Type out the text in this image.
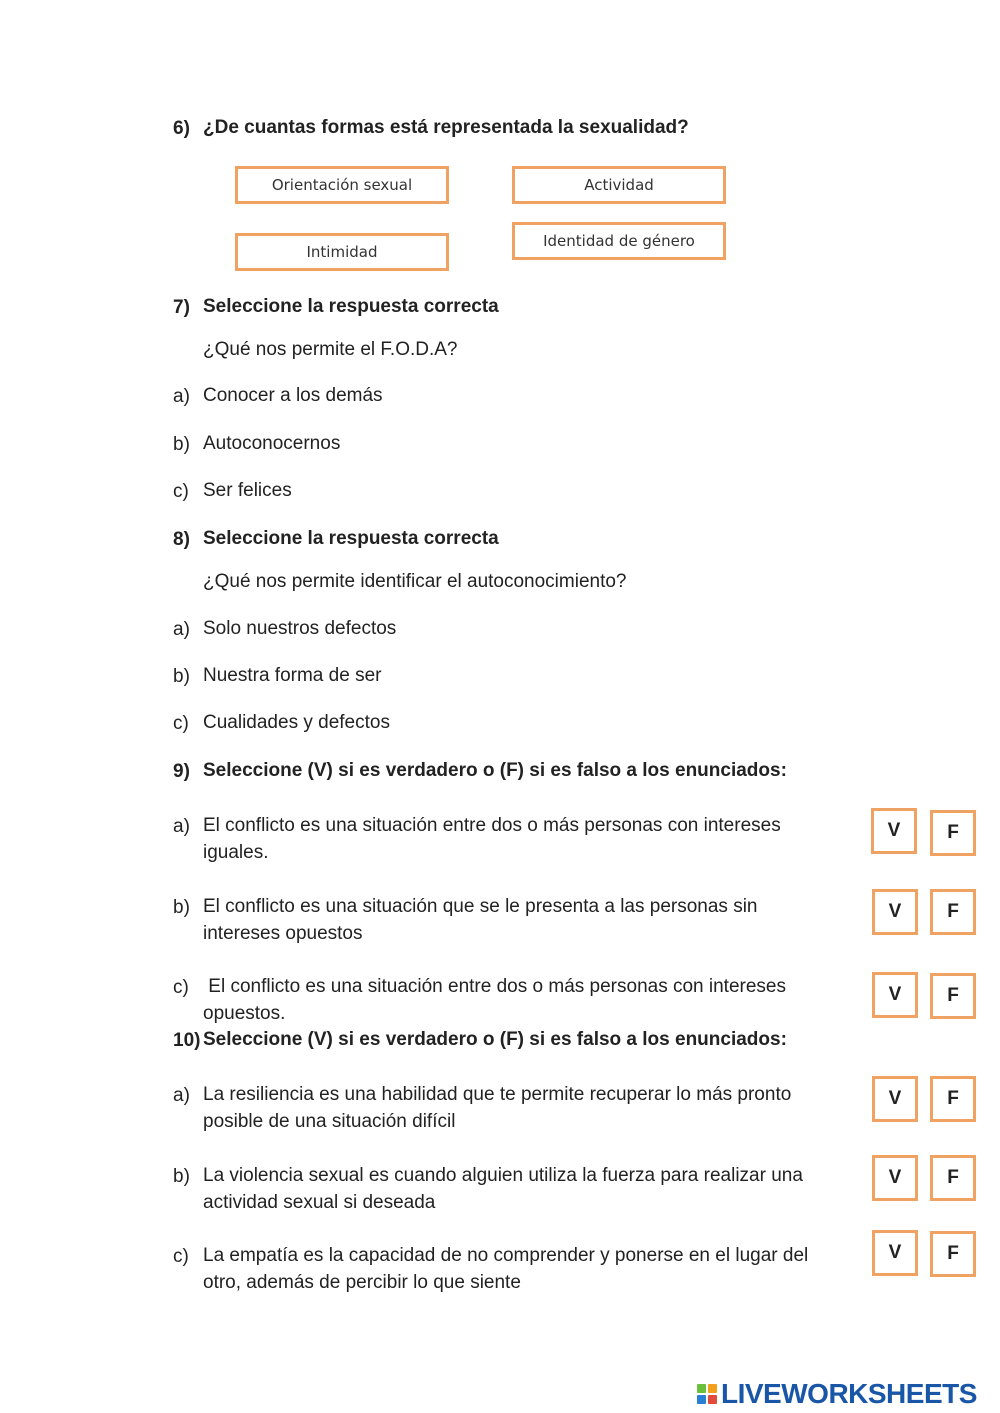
6) ¿De cuantas formas está representada la sexualidad?
Orientación sexual	Actividad
Intimidad
Identidad de género
7) Seleccione la respuesta correcta
¿Qué nos permite el F.O.D.A?
a) Conocer a los demás
b) Autoconocernos
c) Ser felices
8) Seleccione la respuesta correcta
¿Qué nos permite identificar el autoconocimiento?
a) Solo nuestros defectos
b) Nuestra forma de ser
c) Cualidades y defectos
9) Seleccione (V) si es verdadero o (F) si es falso a los enunciados:
a) El conflicto es una situación entre dos o más personas con intereses
iguales.
V	F
b) El conflicto es una situación que se le presenta a las personas sin
intereses opuestos
V	F
c) El conflicto es una situación entre dos o más personas con intereses
opuestos.
V	F
10) Seleccione (V) si es verdadero o (F) si es falso a los enunciados:
a) La resiliencia es una habilidad que te permite recuperar lo más pronto
posible de una situación difícil
V	F
b) La violencia sexual es cuando alguien utiliza la fuerza para realizar una
actividad sexual si deseada
V	F
c) La empatía es la capacidad de no comprender y ponerse en el lugar del
otro, además de percibir lo que siente
V	F
LIVEWORKSHEETS
